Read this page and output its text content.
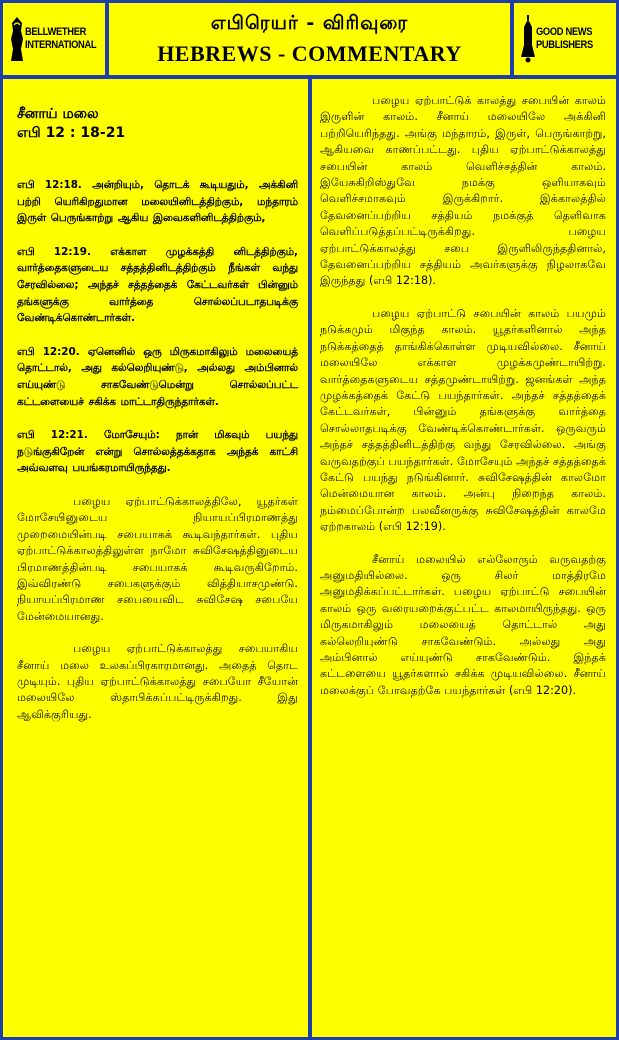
BELLWETHER
INTERNATIONAL
எபிரெயர் - விரிவுரை
HEBREWS - COMMENTARY
GOOD NEWS
PUBLISHERS

சீனாய் மலை

எபி 12 : 18-21

எபி 12:18. அன்றியும், தொடக் கூடியதும், அக்கினி பற்றி யெரிகிறதுமான மலையினிடத்திற்கும், மந்தாரம் இருள் பெருங்காற்று ஆகிய இவைகளினிடத்திற்கும்,

எபி 12:19. எக்காள முழக்கத்தி னிடத்திற்கும், வார்த்தைகளுடைய சத்தத்தினிடத்திற்கும் நீங்கள் வந்து சேரவில்லை; அந்தச் சத்தத்தைக் கேட்டவர்கள் பின்னும் தங்களுக்கு வார்த்தை சொல்லப்படாதபடிக்கு வேண்டிக்கொண்டார்கள்.

எபி 12:20. ஏனெனில் ஒரு மிருகமாகிலும் மலையைத் தொட்டால், அது கல்லெறியுண்டு, அல்லது அம்பினால் எய்யுண்டு சாகவேண்டுமென்று சொல்லப்பட்ட கட்டளையைச் சகிக்க மாட்டாதிருந்தார்கள்.

எபி 12:21. மோசேயும்: நான் மிகவும் பயந்து நடுங்குகிறேன் என்று சொல்லத்தக்கதாக அந்தக் காட்சி அவ்வளவு பயங்கரமாயிருந்தது.

பழைய ஏற்பாட்டுக்காலத்திலே, யூதர்கள் மோசேயினுடைய நியாயப்பிரமாணத்து முறைமையின்படி சபையாகக் கூடிவந்தார்கள். புதிய ஏற்பாட்டுக்காலத்திலுள்ள நாமோ சுவிசேஷத்தினுடைய பிரமாணத்தின்படி சபையாகக் கூடிவருகிறோம். இவ்விரண்டு சபைகளுக்கும் வித்தியாசமுண்டு. நியாயப்பிரமாண சபையைவிட சுவிசேஷ சபையே மேன்மையானது.

பழைய ஏற்பாட்டுக்காலத்து சபையாகிய சீனாய் மலை உலகப்பிரகாரமானது. அதைத் தொட முடியும். புதிய ஏற்பாட்டுக்காலத்து சபையோ சீயோன் மலையிலே ஸ்தாபிக்கப்பட்டிருக்கிறது. இது ஆவிக்குரியது.

பழைய ஏற்பாட்டுக் காலத்து சபையின் காலம் இருளின் காலம். சீனாய் மலையிலே அக்கினி பற்றியெரிந்தது. அங்கு மந்தாரம், இருள், பெருங்காற்று, ஆகியவை காணப்பட்டது. புதிய ஏற்பாட்டுக்காலத்து சபையின் காலம் வெளிச்சத்தின் காலம். இயேசுகிறிஸ்துவே நமக்கு ஒளியாகவும் வெளிச்சமாகவும் இருக்கிறார். இக்காலத்தில் தேவனைப்பற்றிய சத்தியம் நமக்குத் தெளிவாக வெளிப்படுத்தப்பட்டிருக்கிறது. பழைய ஏற்பாட்டுக்காலத்து சபை இருளிலிருந்ததினால், தேவனைப்பற்றிய சத்தியம் அவர்களுக்கு நிழலாகவே இருந்தது (எபி 12:18).

பழைய ஏற்பாட்டு சபையின் காலம் பயமும் நடுக்கமும் மிகுந்த காலம். யூதர்களினால் அந்த நடுக்கத்தைத் தாங்கிக்கொள்ள முடியவில்லை. சீனாய் மலையிலே எக்காள முழக்கமுண்டாயிற்று. வார்த்தைகளுடைய சத்தமுண்டாயிற்று. ஜனங்கள் அந்த முழக்கத்தைக் கேட்டு பயந்தார்கள். அந்தச் சத்தத்தைக் கேட்டவர்கள், பின்னும் தங்களுக்கு வார்த்தை சொல்லாதபடிக்கு வேண்டிக்கொண்டார்கள். ஒருவரும் அந்தச் சத்தத்தினிடத்திற்கு வந்து சேரவில்லை. அங்கு வருவதற்குப் பயந்தார்கள். மோசேயும் அந்தச் சத்தத்தைக் கேட்டு பயந்து நடுங்கினார். சுவிசேஷத்தின் காலமோ மென்மையான காலம். அன்பு நிறைந்த காலம். நம்மைப்போன்ற பலவீனருக்கு சுவிசேஷத்தின் காலமே ஏற்றகாலம் (எபி 12:19).

சீனாய் மலையில் எல்லோரும் வருவதற்கு அனுமதியில்லை. ஒரு சிலர் மாத்திரமே அனுமதிக்கப்பட்டார்கள். பழைய ஏற்பாட்டு சபையின் காலம் ஒரு வரையறைக்குட்பட்ட காலமாயிருந்தது. ஒரு மிருகமாகிலும் மலையைத் தொட்டால் அது கல்லெறியுண்டு சாகவேண்டும். அல்லது அது அம்பினால் எய்யுண்டு சாகவேண்டும். இந்தக் கட்டளையை யூதர்களால் சகிக்க முடியவில்லை. சீனாய் மலைக்குப் போவதற்கே பயந்தார்கள் (எபி 12:20).
